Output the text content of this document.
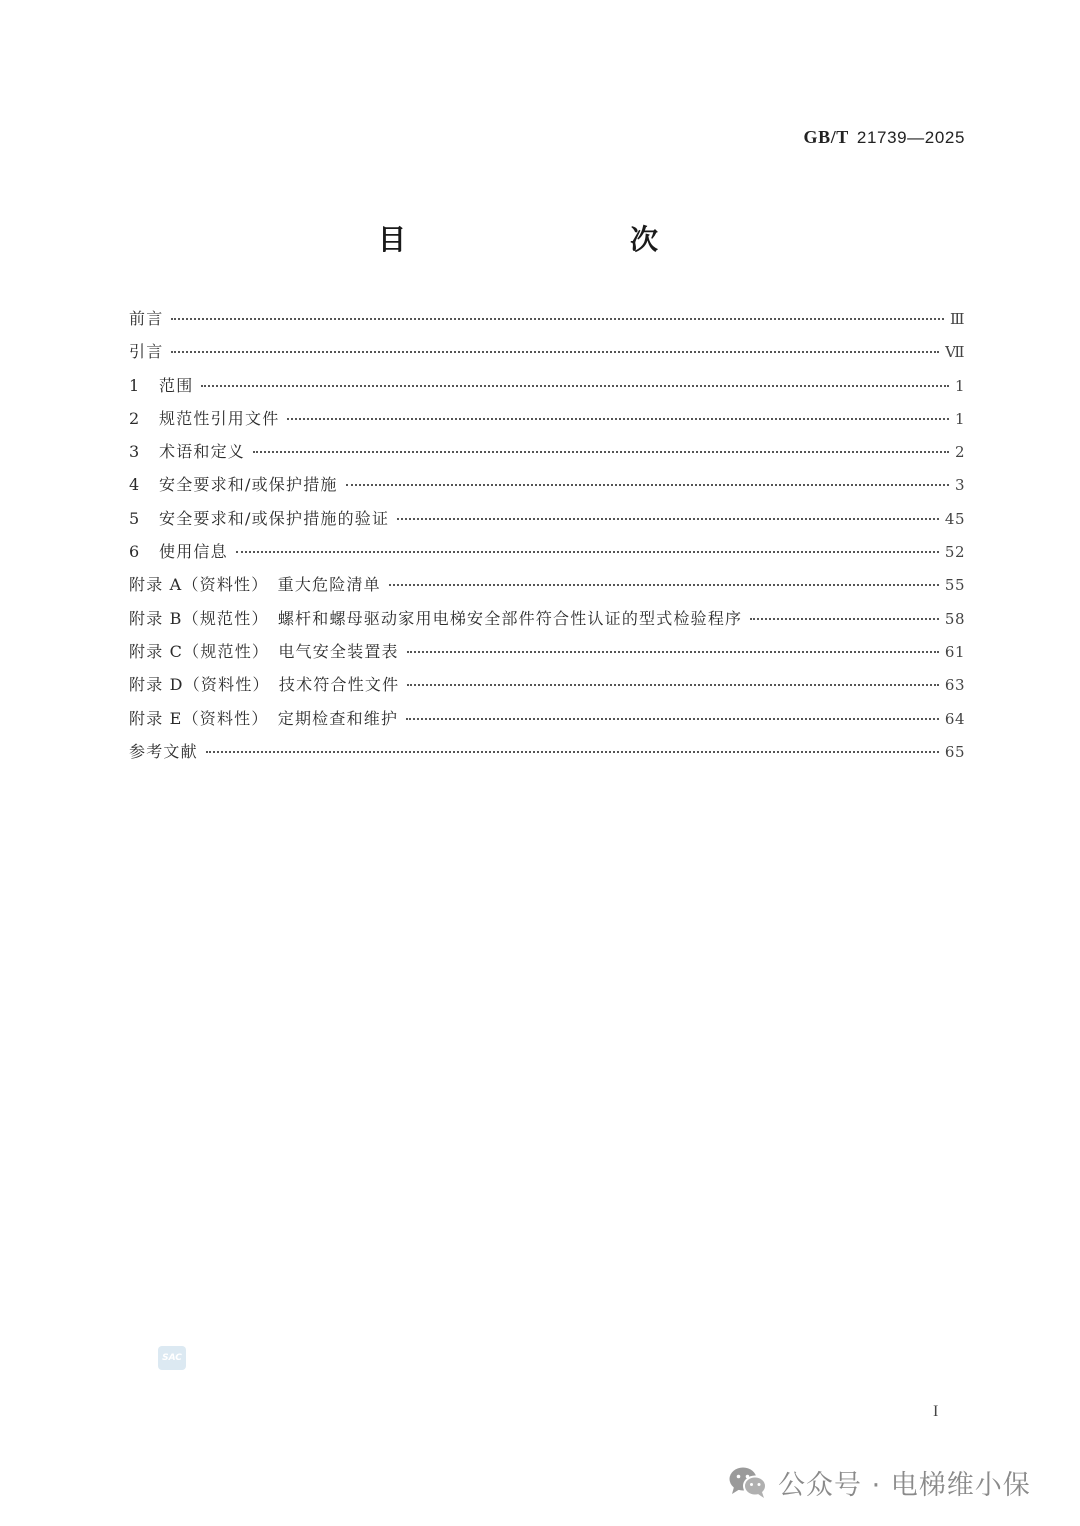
GB/T 21739—2025
目　　次
前言	Ⅲ
引言	Ⅶ
1	范围	1
2	规范性引用文件	1
3	术语和定义	2
4	安全要求和/或保护措施	3
5	安全要求和/或保护措施的验证	45
6	使用信息	52
附录 A（资料性）　重大危险清单	55
附录 B（规范性）　螺杆和螺母驱动家用电梯安全部件符合性认证的型式检验程序	58
附录 C（规范性）　电气安全装置表	61
附录 D（资料性）　技术符合性文件	63
附录 E（资料性）　定期检查和维护	64
参考文献	65
SAC
I
公众号 · 电梯维小保
